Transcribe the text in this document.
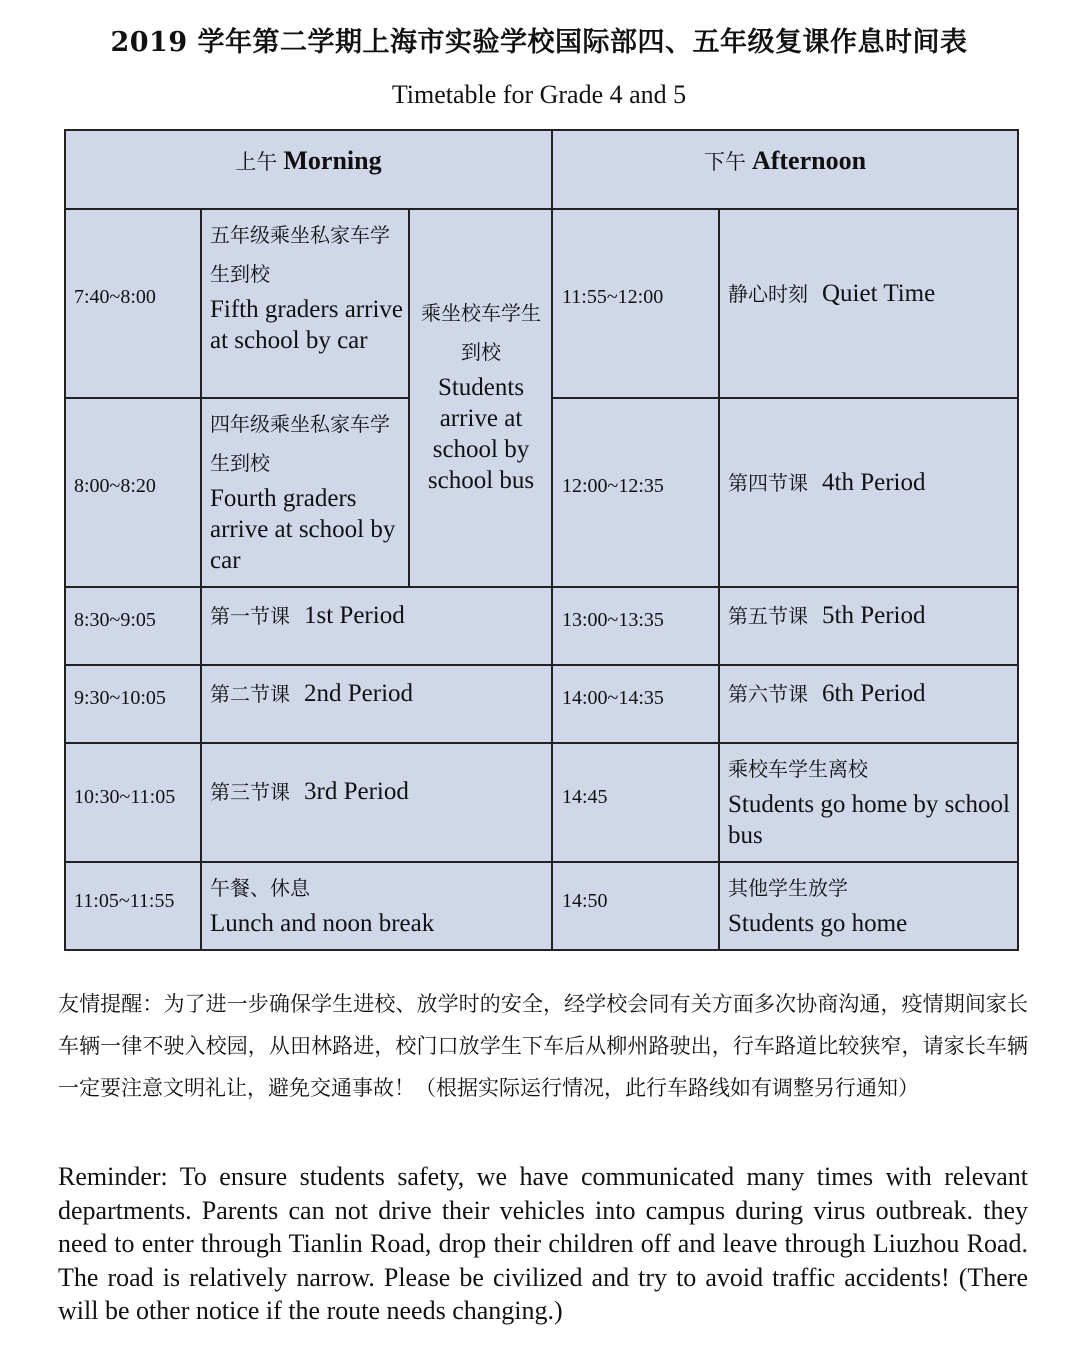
2019 学年第二学期上海市实验学校国际部四、五年级复课作息时间表
Timetable for Grade 4 and 5
上午 Morning	下午 Afternoon
7:40~8:00
8:00~8:20
8:30~9:05
9:30~10:05
10:30~11:05
11:05~11:55
五年级乘坐私家车学生到校
Fifth graders arrive at school by car
四年级乘坐私家车学生到校
Fourth graders arrive at school by car
第一节课 1st Period
第二节课 2nd Period
第三节课 3rd Period
午餐、休息
Lunch and noon break
乘坐校车学生到校
Students arrive at school by school bus
11:55~12:00
12:00~12:35
13:00~13:35
14:00~14:35
14:45
14:50
静心时刻 Quiet Time
第四节课 4th Period
第五节课 5th Period
第六节课 6th Period
乘校车学生离校
Students go home by school bus
其他学生放学
Students go home
友情提醒：为了进一步确保学生进校、放学时的安全，经学校会同有关方面多次协商沟通，疫情期间家长车辆一律不驶入校园，从田林路进，校门口放学生下车后从柳州路驶出，行车路道比较狭窄，请家长车辆一定要注意文明礼让，避免交通事故！（根据实际运行情况，此行车路线如有调整另行通知）
Reminder: To ensure students safety, we have communicated many times with relevant departments. Parents can not drive their vehicles into campus during virus outbreak. they need to enter through Tianlin Road, drop their children off and leave through Liuzhou Road. The road is relatively narrow. Please be civilized and try to avoid traffic accidents! (There will be other notice if the route needs changing.)
